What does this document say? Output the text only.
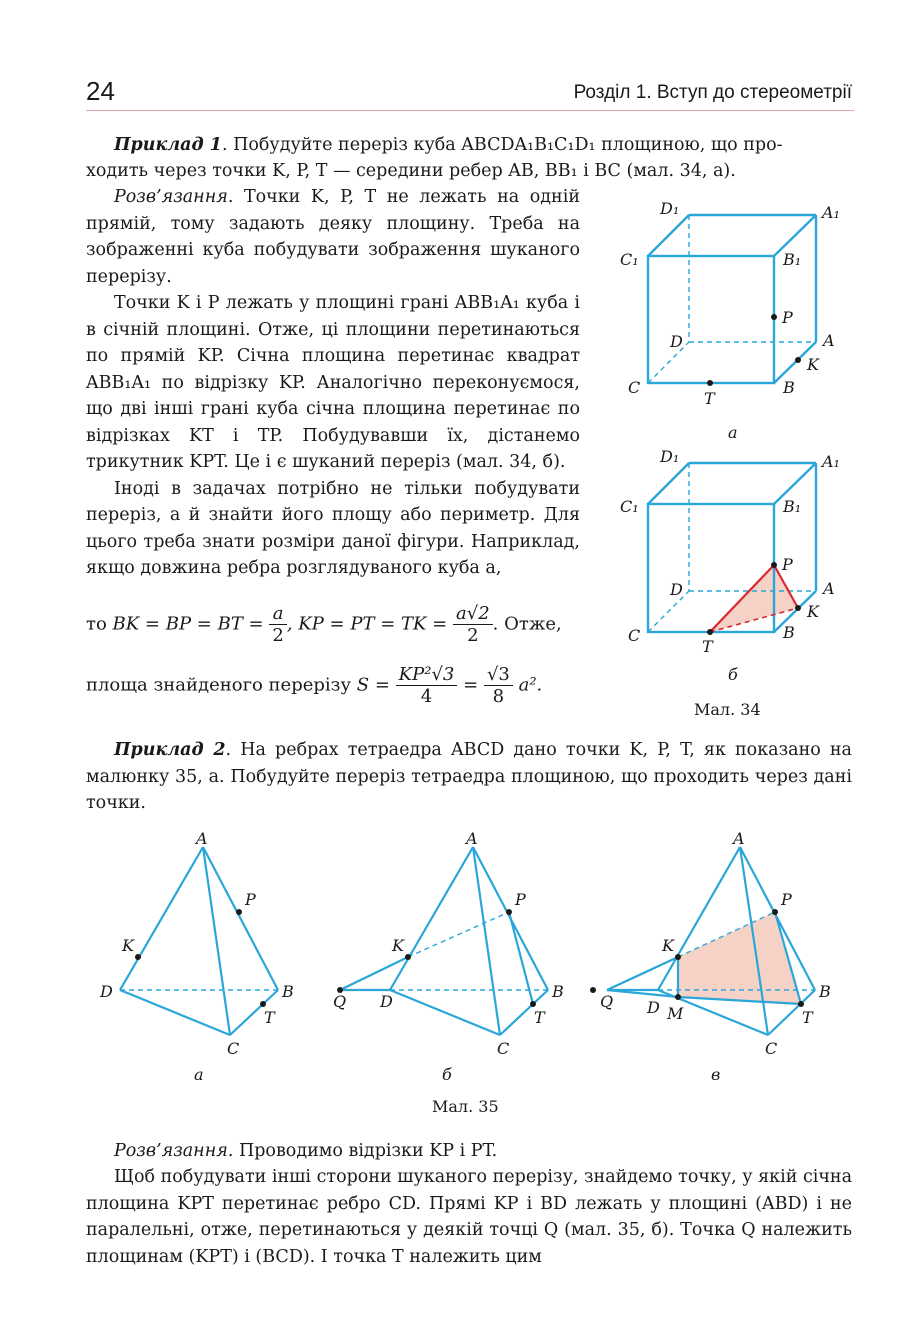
24	Розділ 1. Вступ до стереометрії
Приклад 1. Побудуйте переріз куба ABCDA₁B₁C₁D₁ площиною, що про-
ходить через точки K, P, T — середини ребер AB, BB₁ і BC (мал. 34, а).

Розв’язання. Точки K, P, T не лежать на одній прямій, тому задають деяку площину. Треба на зображенні куба побудувати зображення шуканого перерізу.

Точки K і P лежать у площині грані ABB₁A₁ куба і в січній площині. Отже, ці площини перетинаються по прямій KP. Січна площина перетинає квадрат ABB₁A₁ по відрізку KP. Аналогічно переконуємося, що дві інші грані куба січна площина перетинає по відрізках KT і TP. Побудувавши їх, дістанемо трикутник KPT. Це і є шуканий переріз (мал. 34, б).

Іноді в задачах потрібно не тільки побудувати переріз, а й знайти його площу або периметр. Для цього треба знати розміри даної фігури. Наприклад, якщо довжина ребра розглядуваного куба a,

то BK = BP = BT = $\frac{a}{2}$ , KP = PT = TK = $\frac{a√2}{2}$ . Отже,
площа знайденого перерізу $S = \frac{\text{KP²√3}}{4} = \frac{√3}{8} a^2$.
D₁	A₁
C₁	B₁
P
D	A
K
C	B
T
а
D₁	A₁
C₁	B₁
P
D	A
K
C	B
T
б
Мал. 34
Приклад 2. На ребрах тетраедра ABCD дано точки K, P, T, як показано на малюнку 35, а. Побудуйте переріз тетраедра площиною, що проходить через дані точки.
A
P
K
D	B
T
C
а
A
P
K
Q D
B
T
C
б
A
P
K
Q D M
B
T
C
в
Мал. 35
Розв’язання. Проводимо відрізки KP і PT.
Щоб побудувати інші сторони шуканого перерізу, знайдемо точку, у якій січна площина KPT перетинає ребро CD. Прямі KP і BD лежать у площині (ABD) і не паралельні, отже, перетинаються у деякій точці Q (мал. 35, б). Точка Q належить площинам (KPT) і (BCD). І точка T належить цим
